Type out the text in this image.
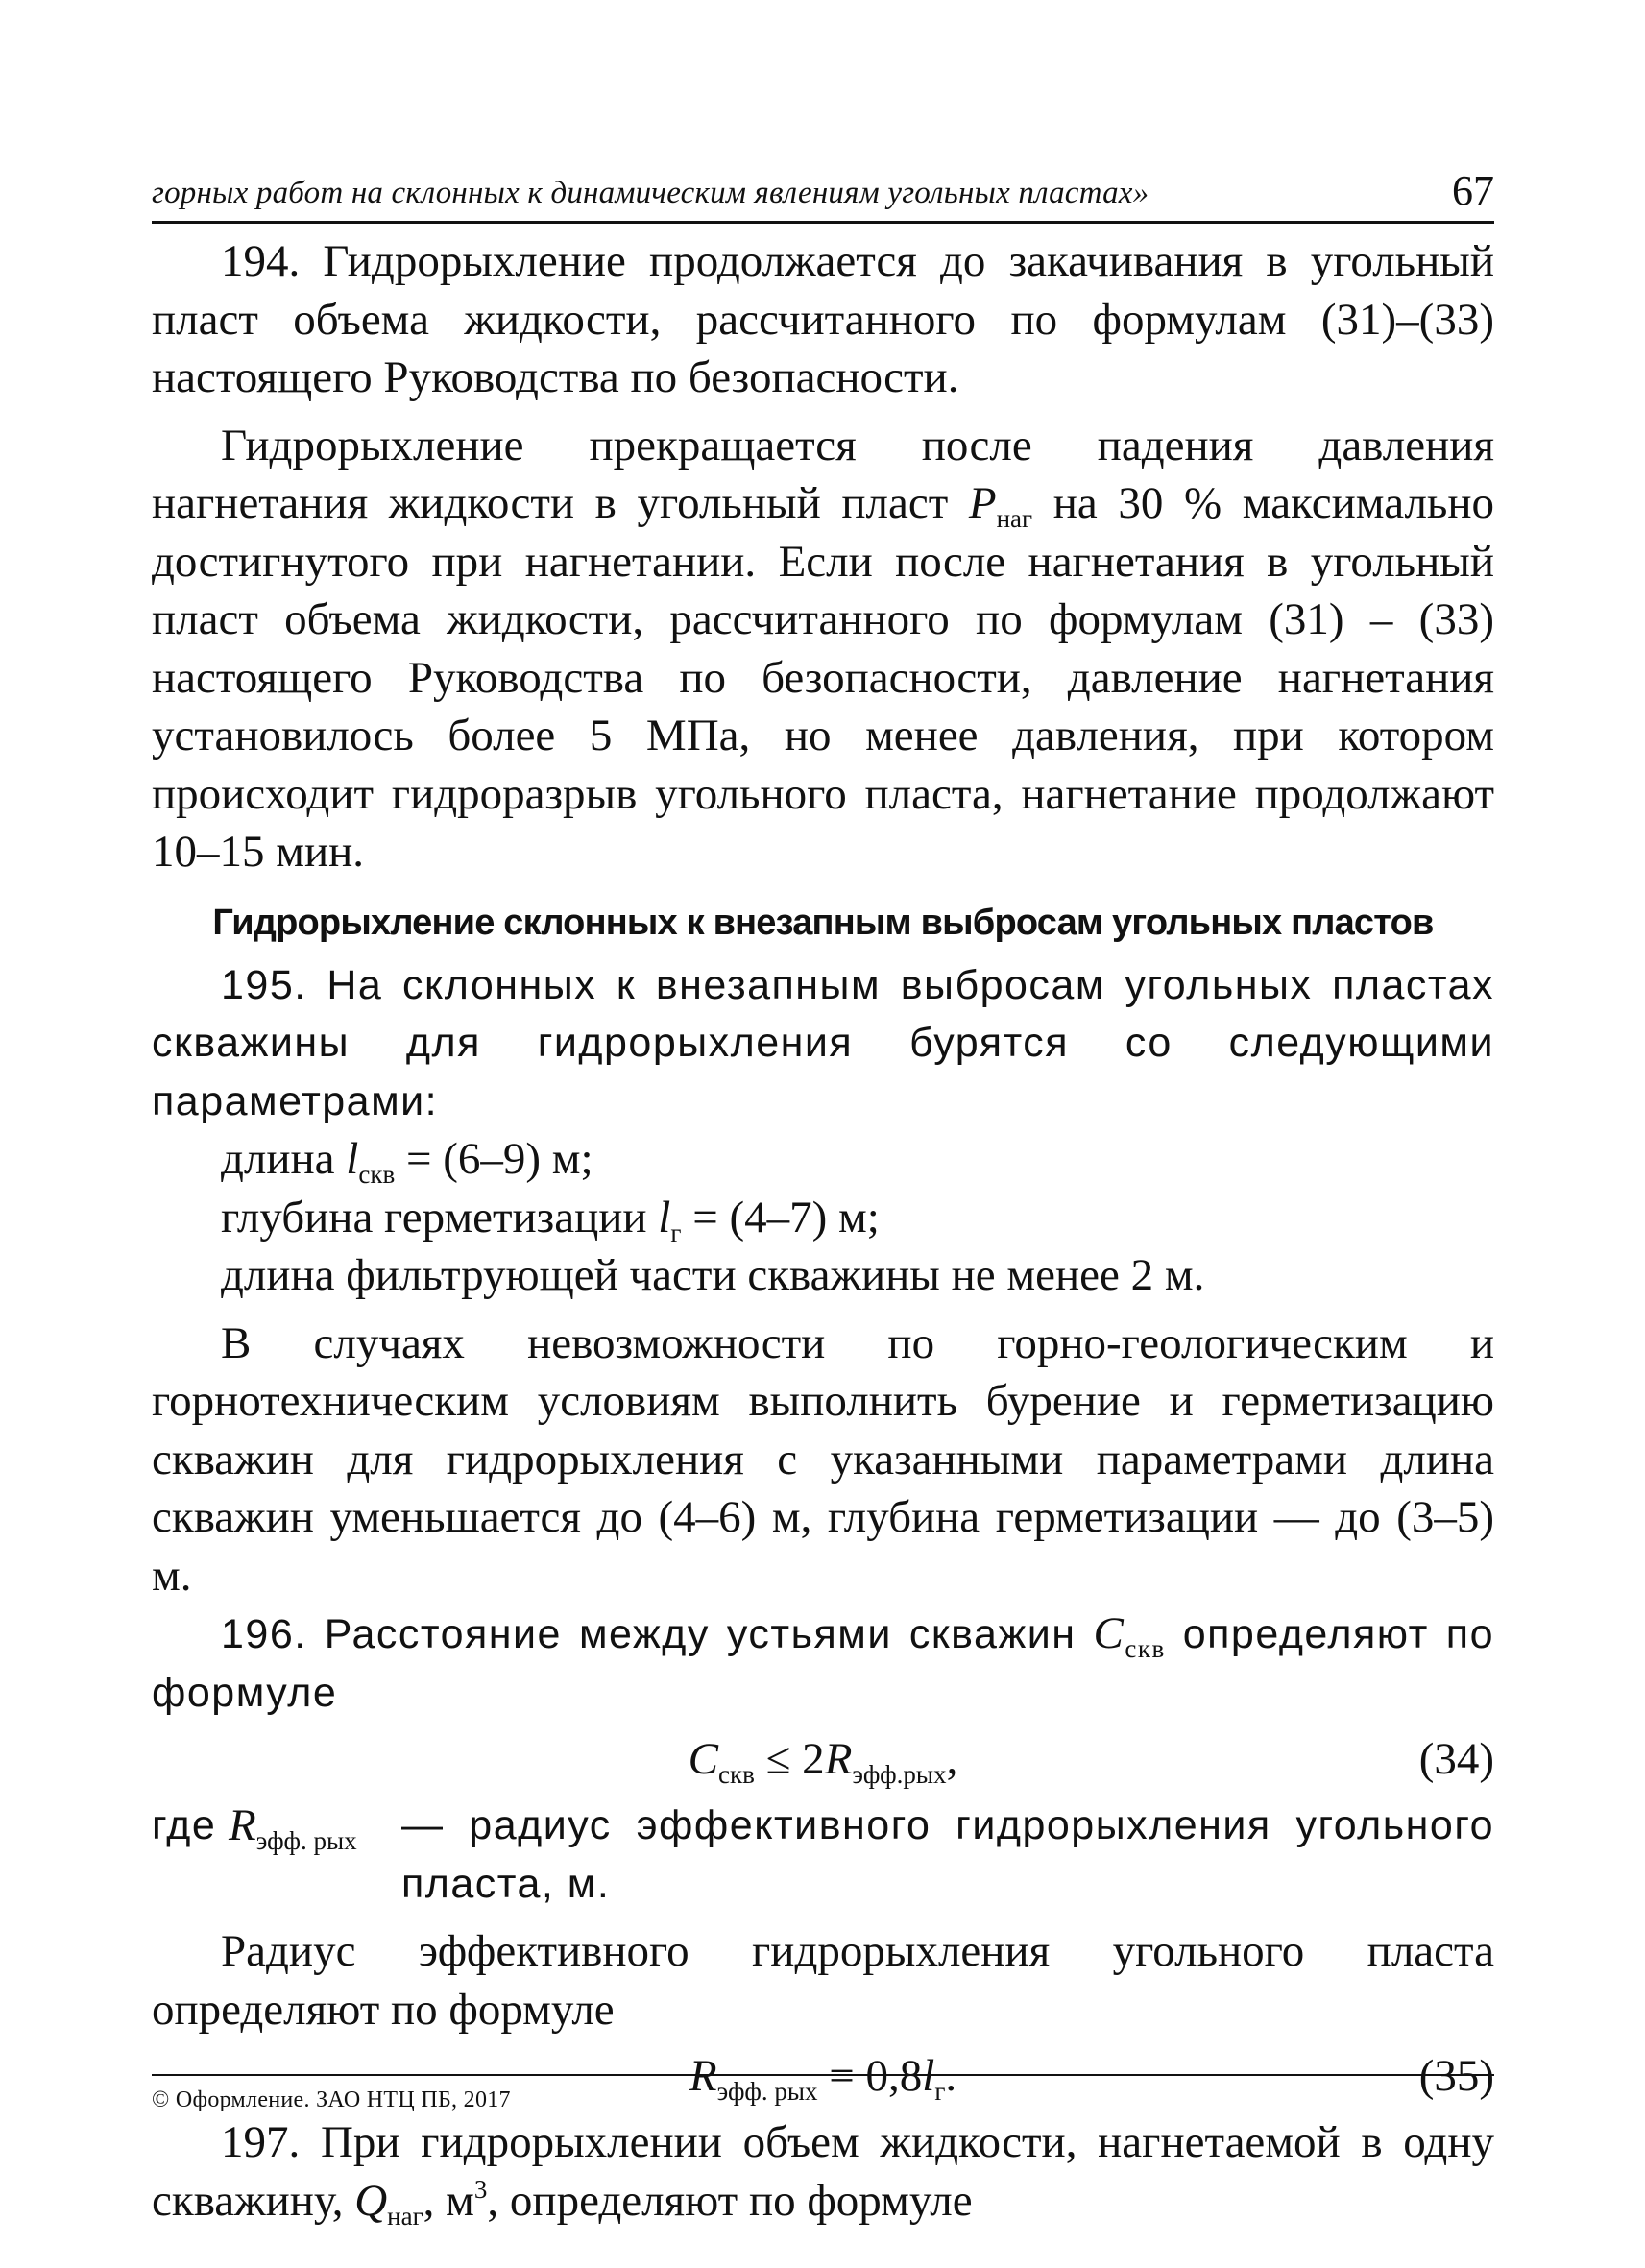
горных работ на склонных к динамическим явлениям угольных пластах»	67

194. Гидрорыхление продолжается до закачивания в угольный пласт объема жидкости, рассчитанного по формулам (31)–(33) настоящего Руководства по безопасности.

Гидрорыхление прекращается после падения давления нагнетания жидкости в угольный пласт $P_{наг}$ на 30 % максимально достигнутого при нагнетании. Если после нагнетания в угольный пласт объема жидкости, рассчитанного по формулам (31) – (33) настоящего Руководства по безопасности, давление нагнетания установилось более 5 МПа, но менее давления, при котором происходит гидроразрыв угольного пласта, нагнетание продолжают 10–15 мин.

Гидрорыхление склонных к внезапным выбросам угольных пластов

195. На склонных к внезапным выбросам угольных пластах скважины для гидрорыхления бурятся со следующими параметрами:

длина $l_{скв} = (6-9)$ м;

глубина герметизации $l_г = (4-7)$ м;

длина фильтрующей части скважины не менее 2 м.

В случаях невозможности по горно-геологическим и горнотехническим условиям выполнить бурение и герметизацию скважин для гидрорыхления с указанными параметрами длина скважин уменьшается до (4–6) м, глубина герметизации — до (3–5) м.

196. Расстояние между устьями скважин $C_{скв}$ определяют по формуле

$C_{скв} \le 2R_{эфф.рых}$,	(34)
где $R_{эфф. рых}$	— радиус эффективного гидрорыхления угольного пласта, м.

Радиус эффективного гидрорыхления угольного пласта определяют по формуле

$R_{эфф. рых} = 0,8l_г$.	(35)

197. При гидрорыхлении объем жидкости, нагнетаемой в одну скважину, $Q_{наг}$, $м^3$, определяют по формуле

© Оформление. ЗАО НТЦ ПБ, 2017
